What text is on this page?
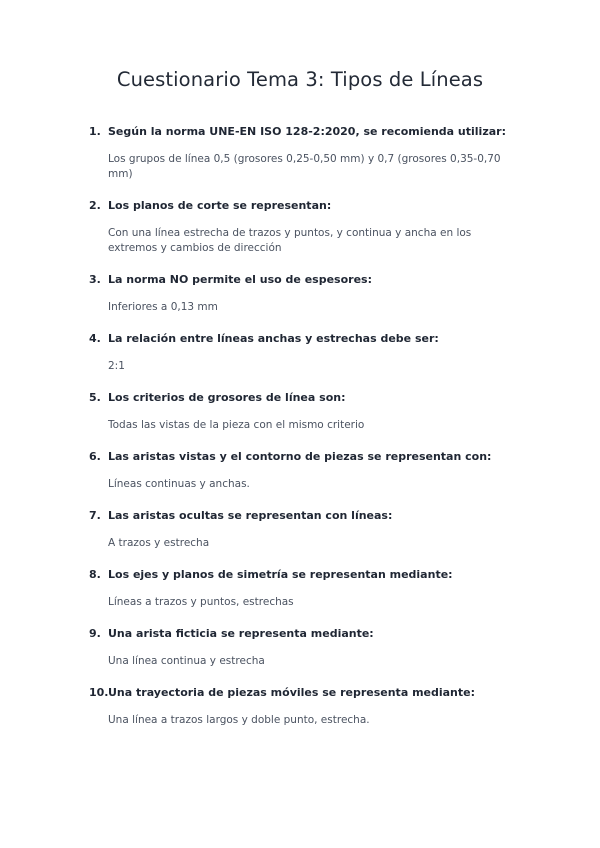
Cuestionario Tema 3: Tipos de Líneas
1. Según la norma UNE-EN ISO 128-2:2020, se recomienda utilizar:

Los grupos de línea 0,5 (grosores 0,25-0,50 mm) y 0,7 (grosores 0,35-0,70 mm)

2. Los planos de corte se representan:

Con una línea estrecha de trazos y puntos, y continua y ancha en los extremos y cambios de dirección

3. La norma NO permite el uso de espesores:

Inferiores a 0,13 mm

4. La relación entre líneas anchas y estrechas debe ser:

2:1

5. Los criterios de grosores de línea son:

Todas las vistas de la pieza con el mismo criterio

6. Las aristas vistas y el contorno de piezas se representan con:

Líneas continuas y anchas.

7. Las aristas ocultas se representan con líneas:

A trazos y estrecha

8. Los ejes y planos de simetría se representan mediante:

Líneas a trazos y puntos, estrechas

9. Una arista ficticia se representa mediante:

Una línea continua y estrecha

10. Una trayectoria de piezas móviles se representa mediante:

Una línea a trazos largos y doble punto, estrecha.
